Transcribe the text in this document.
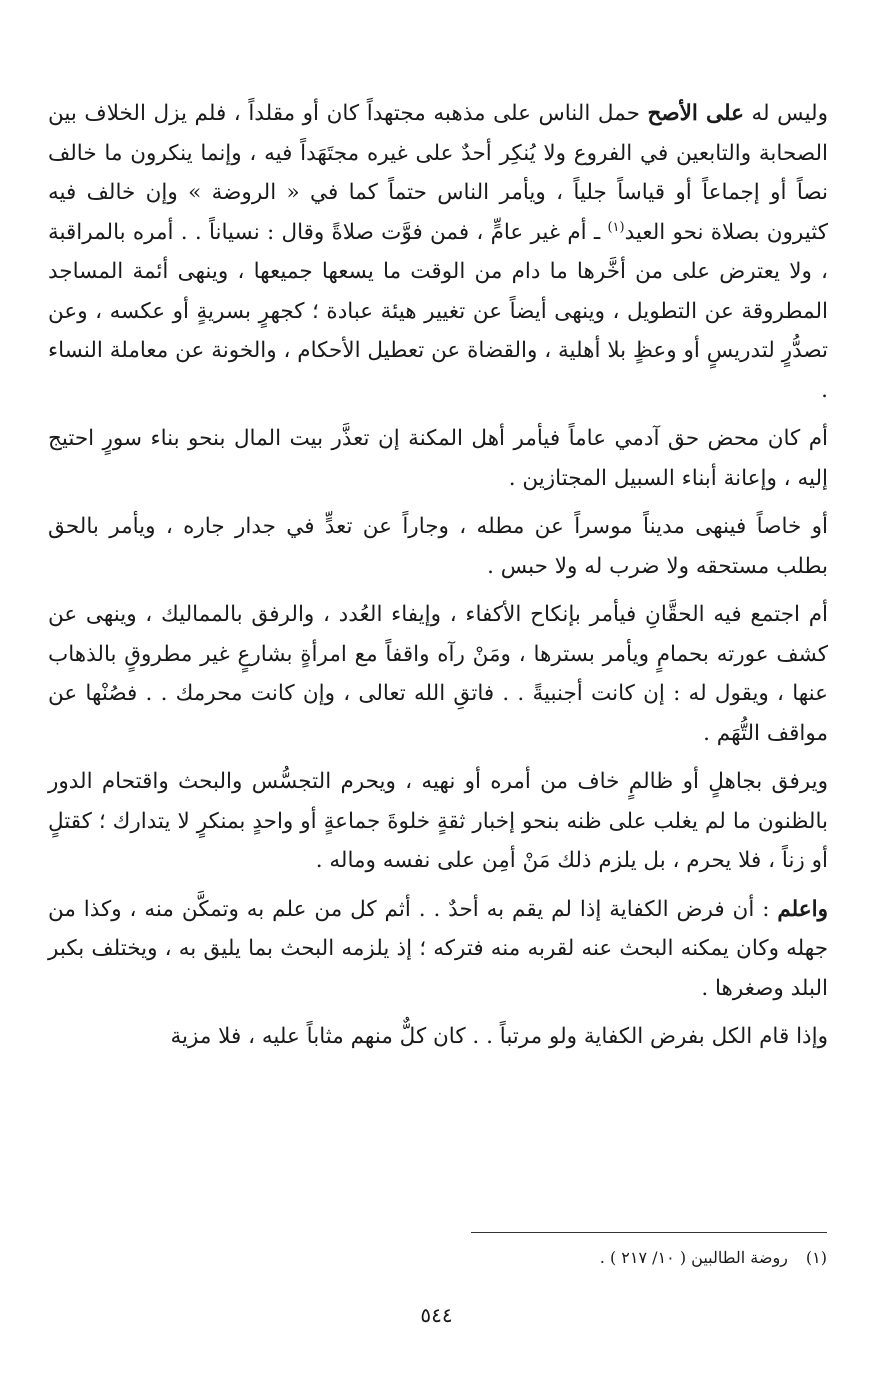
وليس له على الأصح حمل الناس على مذهبه مجتهداً كان أو مقلداً ، فلم يزل الخلاف بين الصحابة والتابعين في الفروع ولا يُنكِر أحدٌ على غيره مجتَهَداً فيه ، وإنما ينكرون ما خالف نصاً أو إجماعاً أو قياساً جلياً ، ويأمر الناس حتماً كما في « الروضة » وإن خالف فيه كثيرون بصلاة نحو العيد$^{(١)}$ ـ أم غير عامٍّ ، فمن فوَّت صلاةً وقال : نسياناً . . أمره بالمراقبة ، ولا يعترض على من أخَّرها ما دام من الوقت ما يسعها جميعها ، وينهى أئمة المساجد المطروقة عن التطويل ، وينهى أيضاً عن تغيير هيئة عبادة ؛ كجهرٍ بسريةٍ أو عكسه ، وعن تصدُّرٍ لتدريسٍ أو وعظٍ بلا أهلية ، والقضاة عن تعطيل الأحكام ، والخونة عن معاملة النساء .

أم كان محض حق آدمي عاماً فيأمر أهل المكنة إن تعذَّر بيت المال بنحو بناء سورٍ احتيج إليه ، وإعانة أبناء السبيل المجتازين .

أو خاصاً فينهى مديناً موسراً عن مطله ، وجاراً عن تعدٍّ في جدار جاره ، ويأمر بالحق بطلب مستحقه ولا ضرب له ولا حبس .

أم اجتمع فيه الحقَّانِ فيأمر بإنكاح الأكفاء ، وإيفاء العُدد ، والرفق بالمماليك ، وينهى عن كشف عورته بحمامٍ ويأمر بسترها ، ومَنْ رآه واقفاً مع امرأةٍ بشارعٍ غير مطروقٍ بالذهاب عنها ، ويقول له : إن كانت أجنبيةً . . فاتقِ الله تعالى ، وإن كانت محرمك . . فصُنْها عن مواقف التُّهَم .

ويرفق بجاهلٍ أو ظالمٍ خاف من أمره أو نهيه ، ويحرم التجسُّس والبحث واقتحام الدور بالظنون ما لم يغلب على ظنه بنحو إخبار ثقةٍ خلوةَ جماعةٍ أو واحدٍ بمنكرٍ لا يتدارك ؛ كقتلٍ أو زناً ، فلا يحرم ، بل يلزم ذلك مَنْ أمِن على نفسه وماله .

واعلم : أن فرض الكفاية إذا لم يقم به أحدٌ . . أثم كل من علم به وتمكَّن منه ، وكذا من جهله وكان يمكنه البحث عنه لقربه منه فتركه ؛ إذ يلزمه البحث بما يليق به ، ويختلف بكبر البلد وصغرها .

وإذا قام الكل بفرض الكفاية ولو مرتباً . . كان كلٌّ منهم مثاباً عليه ، فلا مزية

(١)روضة الطالبين ( ١٠/ ٢١٧ ) .
٥٤٤
